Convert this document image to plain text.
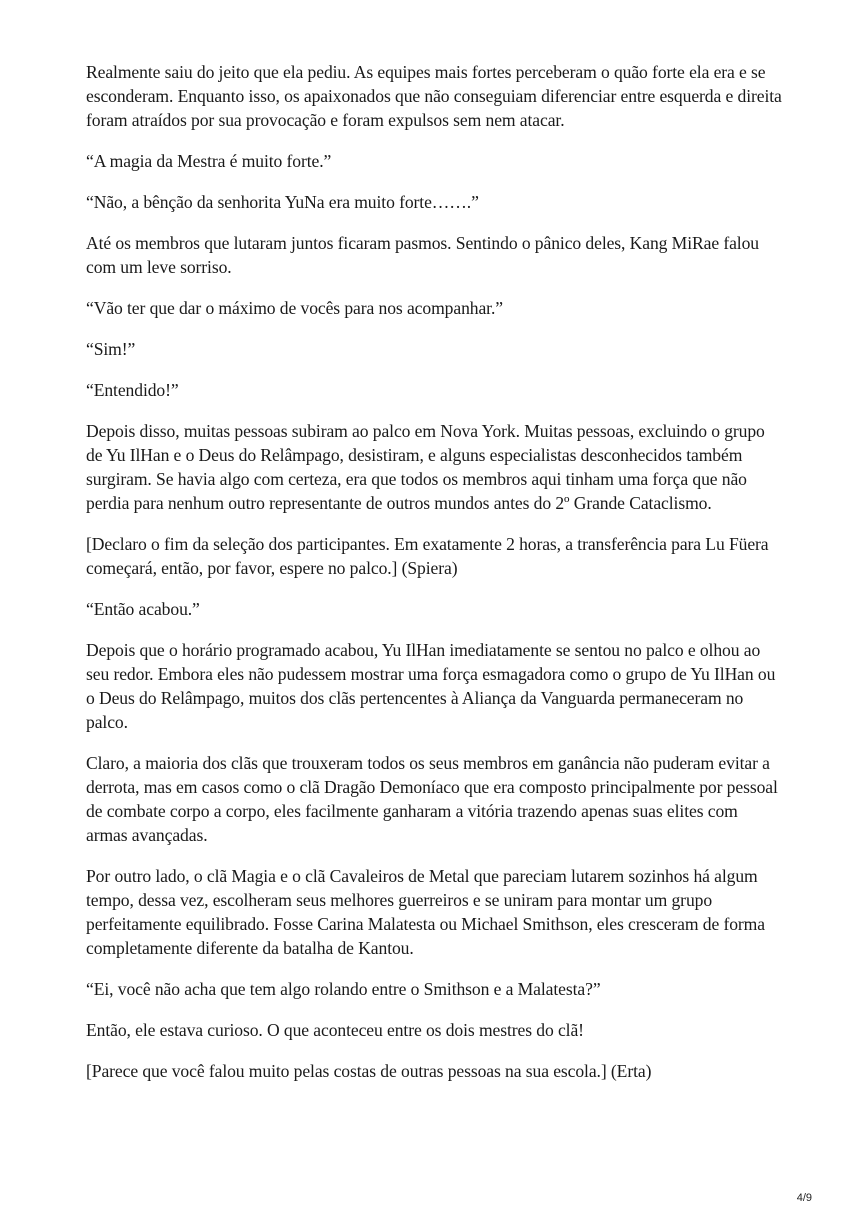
Realmente saiu do jeito que ela pediu. As equipes mais fortes perceberam o quão forte ela era e se esconderam. Enquanto isso, os apaixonados que não conseguiam diferenciar entre esquerda e direita foram atraídos por sua provocação e foram expulsos sem nem atacar.

“A magia da Mestra é muito forte.”

“Não, a bênção da senhorita YuNa era muito forte…….”

Até os membros que lutaram juntos ficaram pasmos. Sentindo o pânico deles, Kang MiRae falou com um leve sorriso.

“Vão ter que dar o máximo de vocês para nos acompanhar.”

“Sim!”

“Entendido!”

Depois disso, muitas pessoas subiram ao palco em Nova York. Muitas pessoas, excluindo o grupo de Yu IlHan e o Deus do Relâmpago, desistiram, e alguns especialistas desconhecidos também surgiram. Se havia algo com certeza, era que todos os membros aqui tinham uma força que não perdia para nenhum outro representante de outros mundos antes do 2º Grande Cataclismo.

[Declaro o fim da seleção dos participantes. Em exatamente 2 horas, a transferência para Lu Füera começará, então, por favor, espere no palco.] (Spiera)

“Então acabou.”

Depois que o horário programado acabou, Yu IlHan imediatamente se sentou no palco e olhou ao seu redor. Embora eles não pudessem mostrar uma força esmagadora como o grupo de Yu IlHan ou o Deus do Relâmpago, muitos dos clãs pertencentes à Aliança da Vanguarda permaneceram no palco.

Claro, a maioria dos clãs que trouxeram todos os seus membros em ganância não puderam evitar a derrota, mas em casos como o clã Dragão Demoníaco que era composto principalmente por pessoal de combate corpo a corpo, eles facilmente ganharam a vitória trazendo apenas suas elites com armas avançadas.

Por outro lado, o clã Magia e o clã Cavaleiros de Metal que pareciam lutarem sozinhos há algum tempo, dessa vez, escolheram seus melhores guerreiros e se uniram para montar um grupo perfeitamente equilibrado. Fosse Carina Malatesta ou Michael Smithson, eles cresceram de forma completamente diferente da batalha de Kantou.

“Ei, você não acha que tem algo rolando entre o Smithson e a Malatesta?”

Então, ele estava curioso. O que aconteceu entre os dois mestres do clã!

[Parece que você falou muito pelas costas de outras pessoas na sua escola.] (Erta)

4/9
